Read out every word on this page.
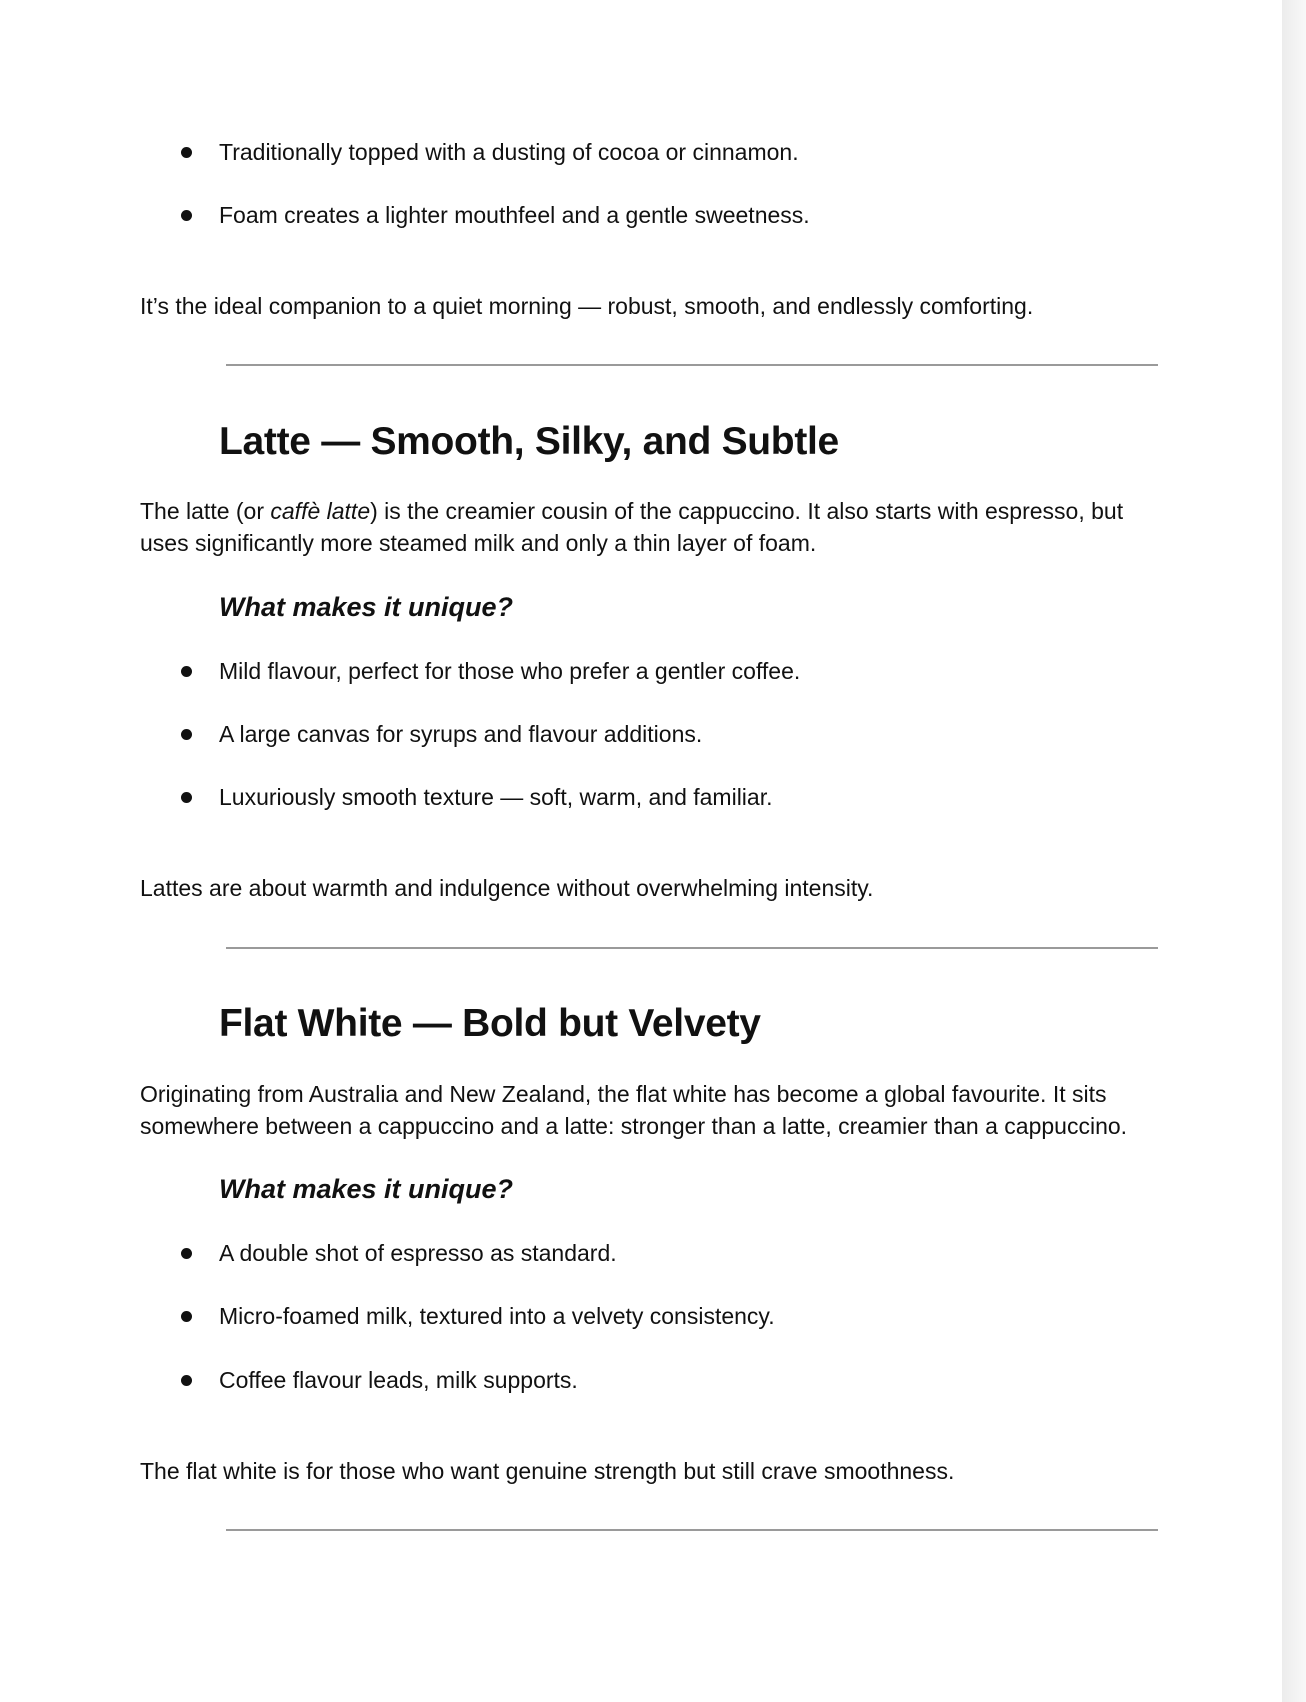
Traditionally topped with a dusting of cocoa or cinnamon.
Foam creates a lighter mouthfeel and a gentle sweetness.

It’s the ideal companion to a quiet morning — robust, smooth, and endlessly comforting.

Latte — Smooth, Silky, and Subtle

The latte (or caffè latte) is the creamier cousin of the cappuccino. It also starts with espresso, but uses significantly more steamed milk and only a thin layer of foam.

What makes it unique?
Mild flavour, perfect for those who prefer a gentler coffee.
A large canvas for syrups and flavour additions.
Luxuriously smooth texture — soft, warm, and familiar.

Lattes are about warmth and indulgence without overwhelming intensity.

Flat White — Bold but Velvety

Originating from Australia and New Zealand, the flat white has become a global favourite. It sits somewhere between a cappuccino and a latte: stronger than a latte, creamier than a cappuccino.

What makes it unique?
A double shot of espresso as standard.
Micro-foamed milk, textured into a velvety consistency.
Coffee flavour leads, milk supports.

The flat white is for those who want genuine strength but still crave smoothness.
